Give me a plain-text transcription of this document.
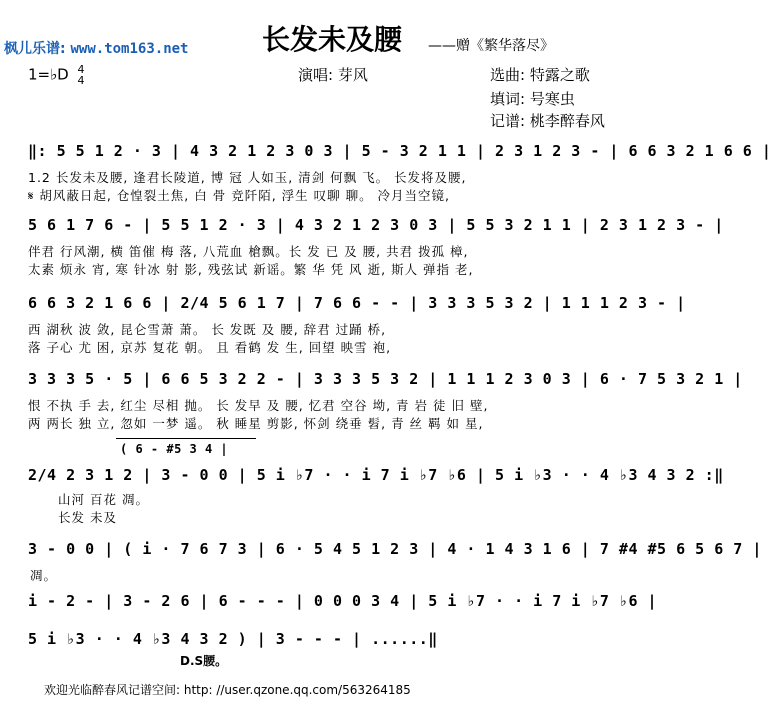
枫儿乐谱: www.tom163.net	长发未及腰 ——赠《繁华落尽》
1=♭D 4
4	演唱: 芽风	选曲: 特露之歌
填词: 号寒虫
记谱: 桃李醉春风
‖: 5 5 1 2 · 3 | 4 3 2 1 2 3 0 3 | 5 - 3 2 1 1 | 2 3 1 2 3 - | 6 6 3 2 1 6 6 |
1.2 长发未及腰, 逢君长陵道, 博 冠 人如玉, 清剑 何飘 飞。 长发将及腰,
𝄋 胡风蔽日起, 仓惶裂土焦, 白 骨 竞阡陌, 浮生 叹聊 聊。 冷月当空镜,
5 6 1 7 6 - | 5 5 1 2 · 3 | 4 3 2 1 2 3 0 3 | 5 5 3 2 1 1 | 2 3 1 2 3 - |
伴君 行风潮, 横 笛催 梅 落, 八荒血 槍飘。长 发 已 及 腰, 共君 拨孤 樟,
太素 烦永 宵, 寒 针冰 射 影, 残弦试 新谣。繁 华 凭 风 逝, 斯人 弹指 老,
6 6 3 2 1 6 6 | 2/4 5 6 1 7 | 7 6 6 - - | 3 3 3 5 3 2 | 1 1 1 2 3 - |
西 湖秋 波 敛, 昆仑雪萧 萧。 长 发既 及 腰, 辞君 过踊 桥,
落 子心 尤 困, 京苏 复花 朝。 且 看鹤 发 生, 回望 映雪 袍,
3 3 3 5 · 5 | 6 6 5 3 2 2 - | 3 3 3 5 3 2 | 1 1 1 2 3 0 3 | 6 · 7 5 3 2 1 |
恨 不执 手 去, 红尘 尽相 抛。 长 发早 及 腰, 忆君 空谷 坳, 青 岩 徒 旧 壁,
两 两长 独 立, 忽如 一梦 遥。 秋 睡星 剪影, 怀剑 绕垂 髫, 青 丝 羁 如 星,
( 6 - #5 3 4 |
2/4 2 3 1 2 | 3 - 0 0 | 5 i ♭7 · · i 7 i ♭7 ♭6 | 5 i ♭3 · · 4 ♭3 4 3 2 :‖
山河 百花 凋。
长发 未及
3 - 0 0 | ( i · 7 6 7 3 | 6 · 5 4 5 1 2 3 | 4 · 1 4 3 1 6 | 7 #4 #5 6 5 6 7 |
凋。
i - 2 - | 3 - 2 6 | 6 - - - | 0 0 0 3 4 | 5 i ♭7 · · i 7 i ♭7 ♭6 |
5 i ♭3 · · 4 ♭3 4 3 2 ) | 3 - - - | ......‖
D.S腰。
欢迎光临醉春风记谱空间: http: //user.qzone.qq.com/563264185
